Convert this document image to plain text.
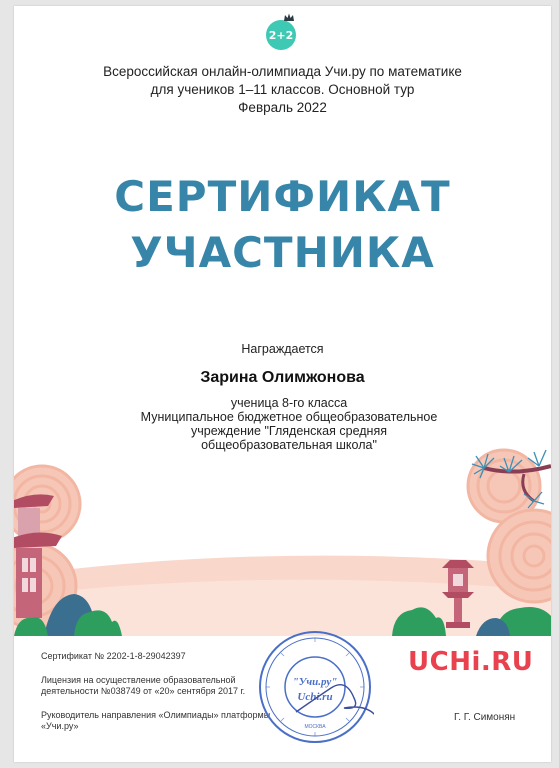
2+2
Всероссийская онлайн-олимпиада Учи.ру по математике
для учеников 1–11 классов. Основной тур
Февраль 2022
СЕРТИФИКАТ
УЧАСТНИКА
Награждается
Зарина Олимжонова
ученица 8-го класса
Муниципальное бюджетное общеобразовательное учреждение "Гляденская средняя общеобразовательная школа"
Сертификат № 2202-1-8-29042397
Лицензия на осуществление образовательной деятельности №038749 от «20» сентября 2017 г.
Руководитель направления «Олимпиады» платформы «Учи.ру»
"Учи.ру"
Uchi.ru
МОСКВА
UCHi.RU
Г. Г. Симонян
